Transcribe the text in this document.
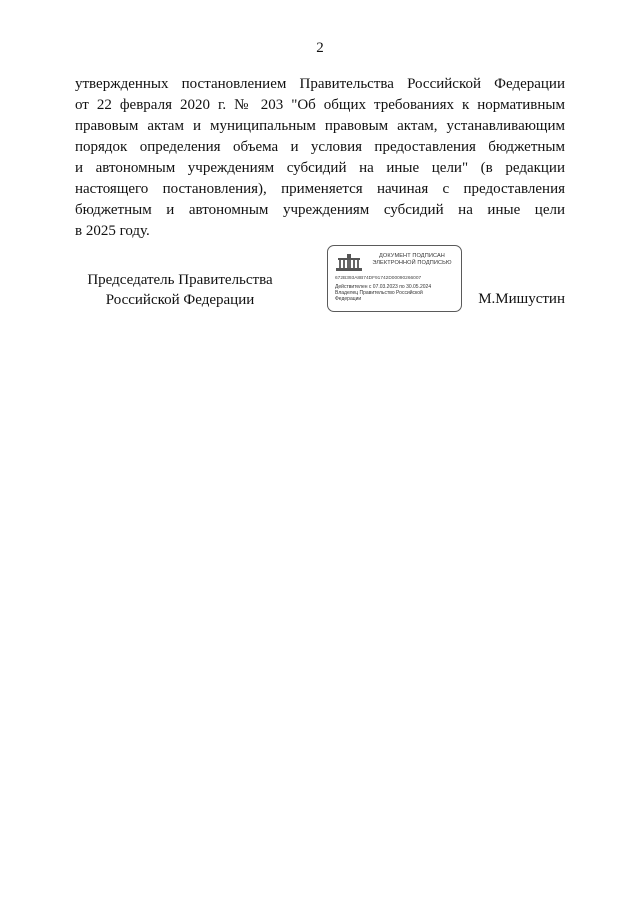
2
утвержденных постановлением Правительства Российской Федерации
от 22 февраля 2020 г. № 203 "Об общих требованиях к нормативным
правовым актам и муниципальным правовым актам, устанавливающим
порядок определения объема и условия предоставления бюджетным
и автономным учреждениям субсидий на иные цели" (в редакции
настоящего постановления), применяется начиная с предоставления
бюджетным и автономным учреждениям субсидий на иные цели
в 2025 году.
Председатель Правительства
Российской Федерации
ДОКУМЕНТ ПОДПИСАН
ЭЛЕКТРОННОЙ ПОДПИСЬЮ
672B393A8B74DF91742D00090266007
Действителен с 07.03.2023 по 30.05.2024
Владелец Правительство Российской
Федерации	М.Мишустин
